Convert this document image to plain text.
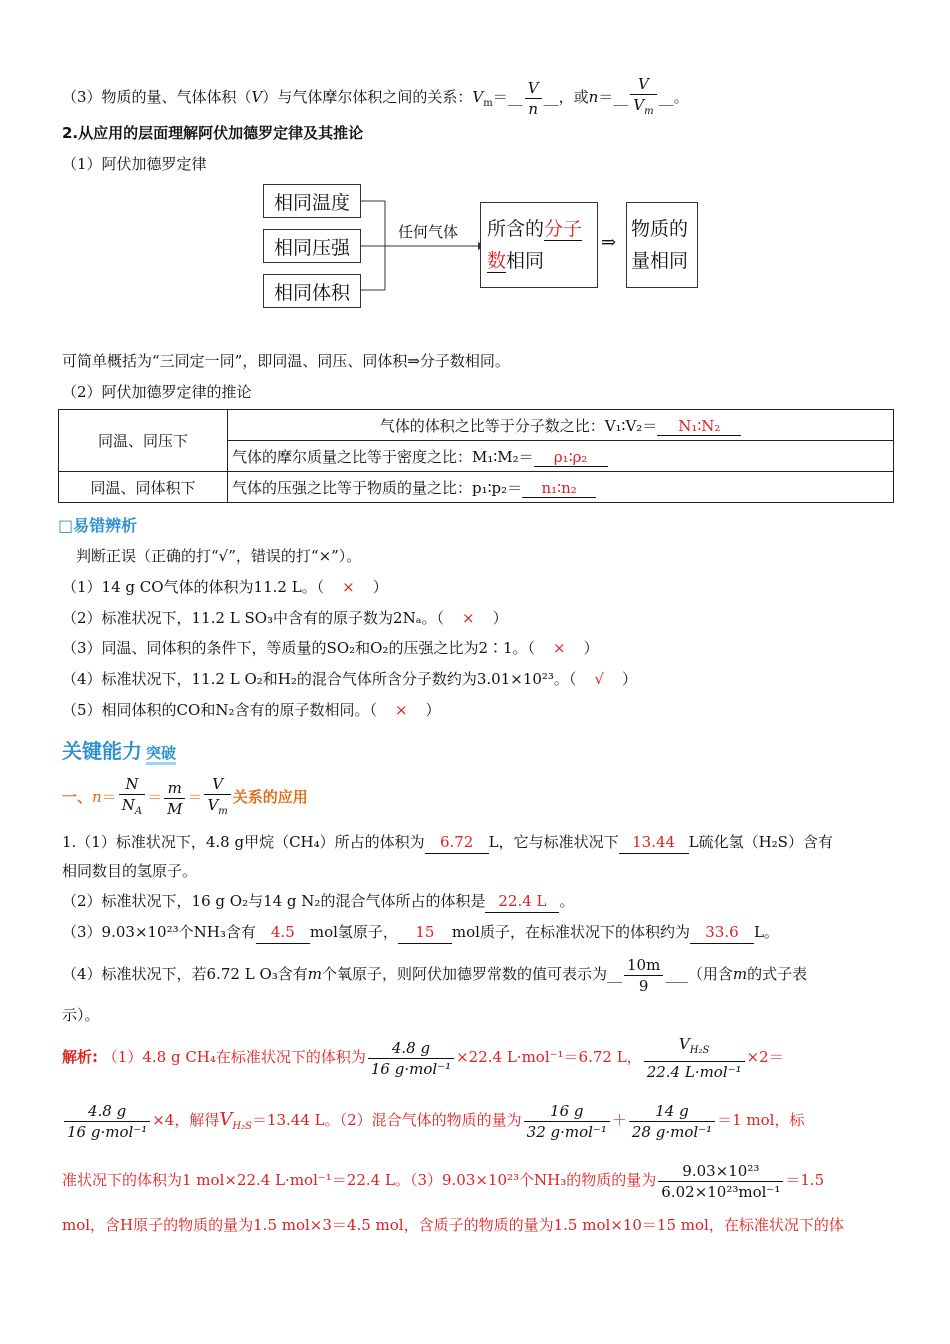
（3）物质的量、气体体积（V）与气体摩尔体积之间的关系：$V_m=\_\_ \frac{V}{n}$ __，或n＝__ $\frac{V}{V_m}$ __。
2.从应用的层面理解阿伏加德罗定律及其推论
（1）阿伏加德罗定律
相同温度
相同压强
相同体积
任何气体	所含的分子
数相同
⇒
物质的量相同
可简单概括为“三同定一同”，即同温、同压、同体积⇒分子数相同。
（2）阿伏加德罗定律的推论
同温、同压下	气体的体积之比等于分子数之比：V₁∶V₂＝ N₁∶N₂
	气体的摩尔质量之比等于密度之比：M₁∶M₂＝ ρ₁∶ρ₂
同温、同体积下	气体的压强之比等于物质的量之比：p₁∶p₂＝ n₁∶n₂
□易错辨析
判断正误（正确的打“√”，错误的打“×”）。
（1）14 g CO气体的体积为11.2 L。（ × ）
（2）标准状况下，11.2 L SO₃中含有的原子数为2Nₐ。（ × ）
（3）同温、同体积的条件下，等质量的SO₂和O₂的压强之比为2∶1。（ × ）
（4）标准状况下，11.2 L O₂和H₂的混合气体所含分子数约为3.01×10²³。（ √ ）
（5）相同体积的CO和N₂含有的原子数相同。（ × ）
关键能力 突破
一、$n= \frac{N}{N_A} = \frac{m}{M} = \frac{V}{V_m}$ 关系的应用
1.（1）标准状况下，4.8 g甲烷（CH₄）所占的体积为 6.72 L，它与标准状况下 13.44 L硫化氢（H₂S）含有
相同数目的氢原子。
（2）标准状况下，16 g O₂与14 g N₂的混合气体所占的体积是 22.4 L 。
（3）9.03×10²³个NH₃含有 4.5 mol氢原子， 15 mol质子，在标准状况下的体积约为 33.6 L。
（4）标准状况下，若6.72 L O₃含有m个氧原子，则阿伏加德罗常数的值可表示为__ $\frac{10m}{9}$ ___（用含m的式子表
示）。
解析: （1）4.8 g CH₄在标准状况下的体积为 $\frac{4.8 g}{\text{16 g·mol⁻¹}} \times 22.4$ L·mol⁻¹＝6.72 L， $\frac{V_{H_2S}}{\text{22.4 L·mol⁻¹}} \times 2=$
$\frac{4.8 g}{\text{16 g·mol⁻¹}} \times 4$，解得$V_{H_2S}=13.44$ L。（2）混合气体的物质的量为 $\frac{16 g}{\text{32 g·mol⁻¹}} + \frac{14 g}{\text{28 g·mol⁻¹}} =1$ mol，标
准状况下的体积为1 mol×22.4 L·mol⁻¹＝22.4 L。（3）9.03×10²³个NH₃的物质的量为 $\frac{\text{9.03×10²³}}{\text{6.02×10²³mol⁻¹}} =1.5$
mol，含H原子的物质的量为1.5 mol×3＝4.5 mol，含质子的物质的量为1.5 mol×10＝15 mol，在标准状况下的体
